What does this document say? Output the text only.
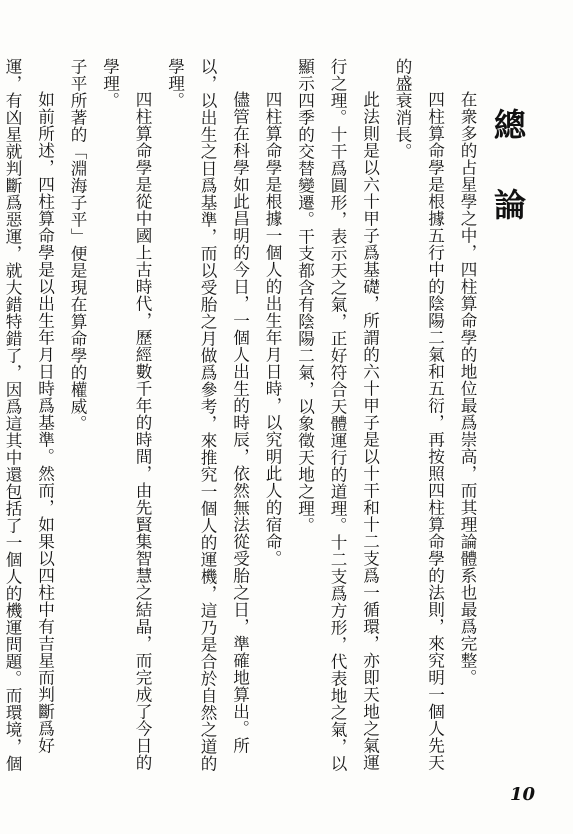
總論

在衆多的占星學之中，四柱算命學的地位最爲崇高，而其理論體系也最爲完整。

四柱算命學是根據五行中的陰陽二氣和五衍，再按照四柱算命學的法則，來究明一個人先天的盛衰消長。

此法則是以六十甲子爲基礎，所謂的六十甲子是以十干和十二支爲一循環，亦即天地之氣運行之理。十干爲圓形，表示天之氣，正好符合天體運行的道理。十二支爲方形，代表地之氣，以顯示四季的交替變遷。干支都含有陰陽二氣，以象徵天地之理。

四柱算命學是根據一個人的出生年月日時，以究明此人的宿命。

儘管在科學如此昌明的今日，一個人出生的時辰，依然無法從受胎之日，準確地算出。所以，以出生之日爲基準，而以受胎之月做爲參考，來推究一個人的運機，這乃是合於自然之道的學理。

四柱算命學是從中國上古時代，歷經數千年的時間，由先賢集智慧之結晶，而完成了今日的學理。

子平所著的「淵海子平」便是現在算命學的權威。

如前所述，四柱算命學是以出生年月日時爲基準。然而，如果以四柱中有吉星而判斷爲好運，有凶星就判斷爲惡運，就大錯特錯了，因爲這其中還包括了一個人的機運問題。而環境，個

10
